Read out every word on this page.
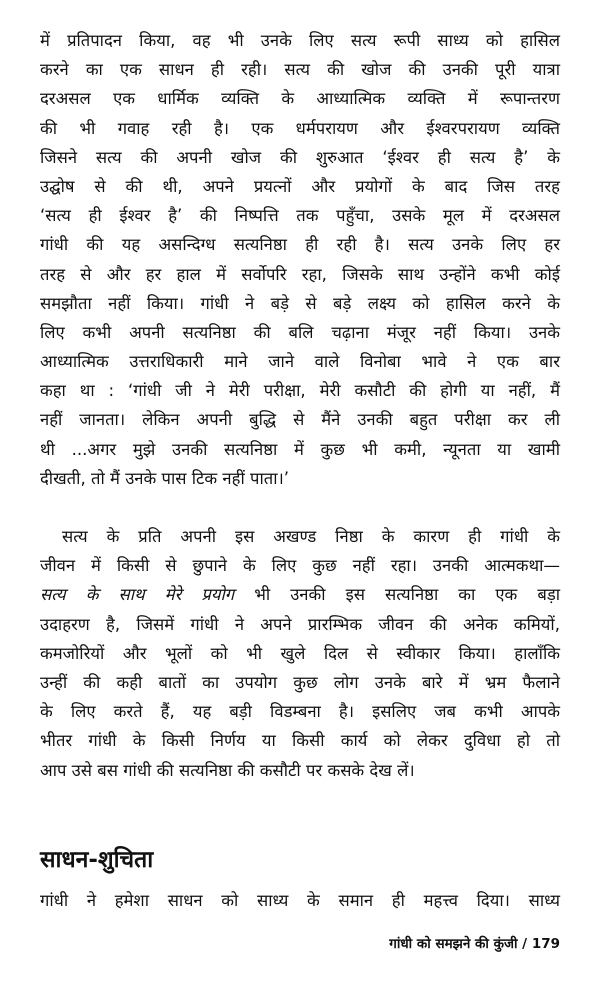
में प्रतिपादन किया, वह भी उनके लिए सत्य रूपी साध्य को हासिल
करने का एक साधन ही रही। सत्य की खोज की उनकी पूरी यात्रा
दरअसल एक धार्मिक व्यक्ति के आध्यात्मिक व्यक्ति में रूपान्तरण
की भी गवाह रही है। एक धर्मपरायण और ईश्वरपरायण व्यक्ति
जिसने सत्य की अपनी खोज की शुरुआत ‘ईश्वर ही सत्य है’ के
उद्घोष से की थी, अपने प्रयत्नों और प्रयोगों के बाद जिस तरह
‘सत्य ही ईश्वर है’ की निष्पत्ति तक पहुँचा, उसके मूल में दरअसल
गांधी की यह असन्दिग्ध सत्यनिष्ठा ही रही है। सत्य उनके लिए हर
तरह से और हर हाल में सर्वोपरि रहा, जिसके साथ उन्होंने कभी कोई
समझौता नहीं किया। गांधी ने बड़े से बड़े लक्ष्य को हासिल करने के
लिए कभी अपनी सत्यनिष्ठा की बलि चढ़ाना मंजूर नहीं किया। उनके
आध्यात्मिक उत्तराधिकारी माने जाने वाले विनोबा भावे ने एक बार
कहा था : ‘गांधी जी ने मेरी परीक्षा, मेरी कसौटी की होगी या नहीं, मैं
नहीं जानता। लेकिन अपनी बुद्धि से मैंने उनकी बहुत परीक्षा कर ली
थी ...अगर मुझे उनकी सत्यनिष्ठा में कुछ भी कमी, न्यूनता या खामी
दीखती, तो मैं उनके पास टिक नहीं पाता।’
सत्य के प्रति अपनी इस अखण्ड निष्ठा के कारण ही गांधी के
जीवन में किसी से छुपाने के लिए कुछ नहीं रहा। उनकी आत्मकथा—
सत्य के साथ मेरे प्रयोग भी उनकी इस सत्यनिष्ठा का एक बड़ा
उदाहरण है, जिसमें गांधी ने अपने प्रारम्भिक जीवन की अनेक कमियों,
कमजोरियों और भूलों को भी खुले दिल से स्वीकार किया। हालाँकि
उन्हीं की कही बातों का उपयोग कुछ लोग उनके बारे में भ्रम फैलाने
के लिए करते हैं, यह बड़ी विडम्बना है। इसलिए जब कभी आपके
भीतर गांधी के किसी निर्णय या किसी कार्य को लेकर दुविधा हो तो
आप उसे बस गांधी की सत्यनिष्ठा की कसौटी पर कसके देख लें।
साधन-शुचिता
गांधी ने हमेशा साधन को साध्य के समान ही महत्त्व दिया। साध्य
गांधी को समझने की कुंजी / 179
